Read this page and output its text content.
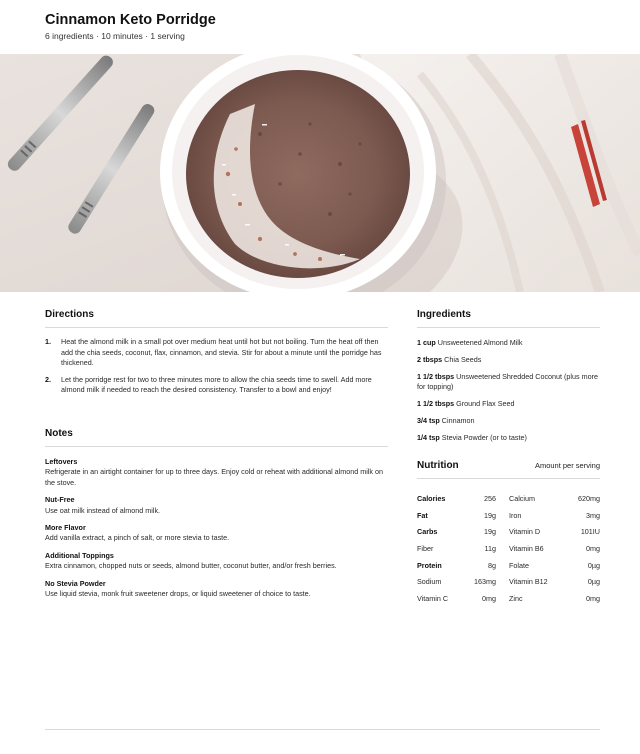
Cinnamon Keto Porridge
6 ingredients · 10 minutes · 1 serving
Directions
1.	Heat the almond milk in a small pot over medium heat until hot but not boiling. Turn the heat off then add the chia seeds, coconut, flax, cinnamon, and stevia. Stir for about a minute until the porridge has thickened.
2.	Let the porridge rest for two to three minutes more to allow the chia seeds time to swell. Add more almond milk if needed to reach the desired consistency. Transfer to a bowl and enjoy!
Notes
Leftovers
Refrigerate in an airtight container for up to three days. Enjoy cold or reheat with additional almond milk on the stove.
Nut-Free
Use oat milk instead of almond milk.
More Flavor
Add vanilla extract, a pinch of salt, or more stevia to taste.
Additional Toppings
Extra cinnamon, chopped nuts or seeds, almond butter, coconut butter, and/or fresh berries.
No Stevia Powder
Use liquid stevia, monk fruit sweetener drops, or liquid sweetener of choice to taste.
Ingredients
1 cup Unsweetened Almond Milk
2 tbsps Chia Seeds
1 1/2 tbsps Unsweetened Shredded Coconut (plus more for topping)
1 1/2 tbsps Ground Flax Seed
3/4 tsp Cinnamon
1/4 tsp Stevia Powder (or to taste)
Nutrition	Amount per serving
Calories	256	Calcium	620mg
Fat	19g	Iron	3mg
Carbs	19g	Vitamin D	101IU
Fiber	11g	Vitamin B6	0mg
Protein	8g	Folate	0µg
Sodium	163mg	Vitamin B12	0µg
Vitamin C	0mg	Zinc	0mg
